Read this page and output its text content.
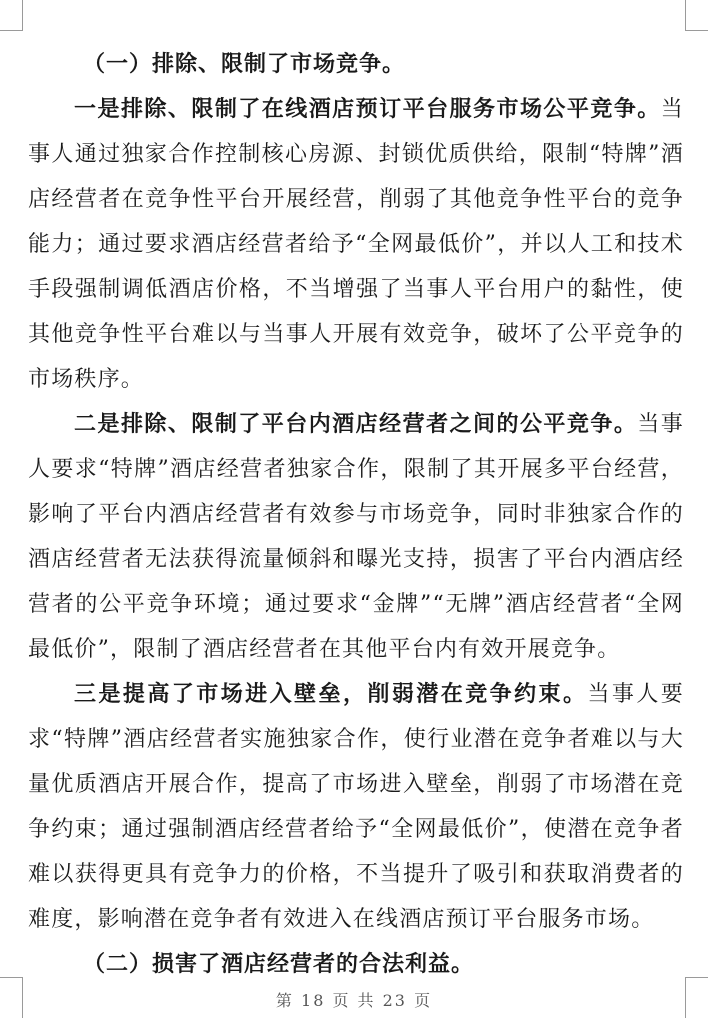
（一）排除、限制了市场竞争。

一是排除、限制了在线酒店预订平台服务市场公平竞争。当事人通过独家合作控制核心房源、封锁优质供给，限制“特牌”酒店经营者在竞争性平台开展经营，削弱了其他竞争性平台的竞争能力；通过要求酒店经营者给予“全网最低价”，并以人工和技术手段强制调低酒店价格，不当增强了当事人平台用户的黏性，使其他竞争性平台难以与当事人开展有效竞争，破坏了公平竞争的市场秩序。

二是排除、限制了平台内酒店经营者之间的公平竞争。当事人要求“特牌”酒店经营者独家合作，限制了其开展多平台经营，影响了平台内酒店经营者有效参与市场竞争，同时非独家合作的酒店经营者无法获得流量倾斜和曝光支持，损害了平台内酒店经营者的公平竞争环境；通过要求“金牌”“无牌”酒店经营者“全网最低价”，限制了酒店经营者在其他平台内有效开展竞争。

三是提高了市场进入壁垒，削弱潜在竞争约束。当事人要求“特牌”酒店经营者实施独家合作，使行业潜在竞争者难以与大量优质酒店开展合作，提高了市场进入壁垒，削弱了市场潜在竞争约束；通过强制酒店经营者给予“全网最低价”，使潜在竞争者难以获得更具有竞争力的价格，不当提升了吸引和获取消费者的难度，影响潜在竞争者有效进入在线酒店预订平台服务市场。

（二）损害了酒店经营者的合法利益。

第 18 页 共 23 页
